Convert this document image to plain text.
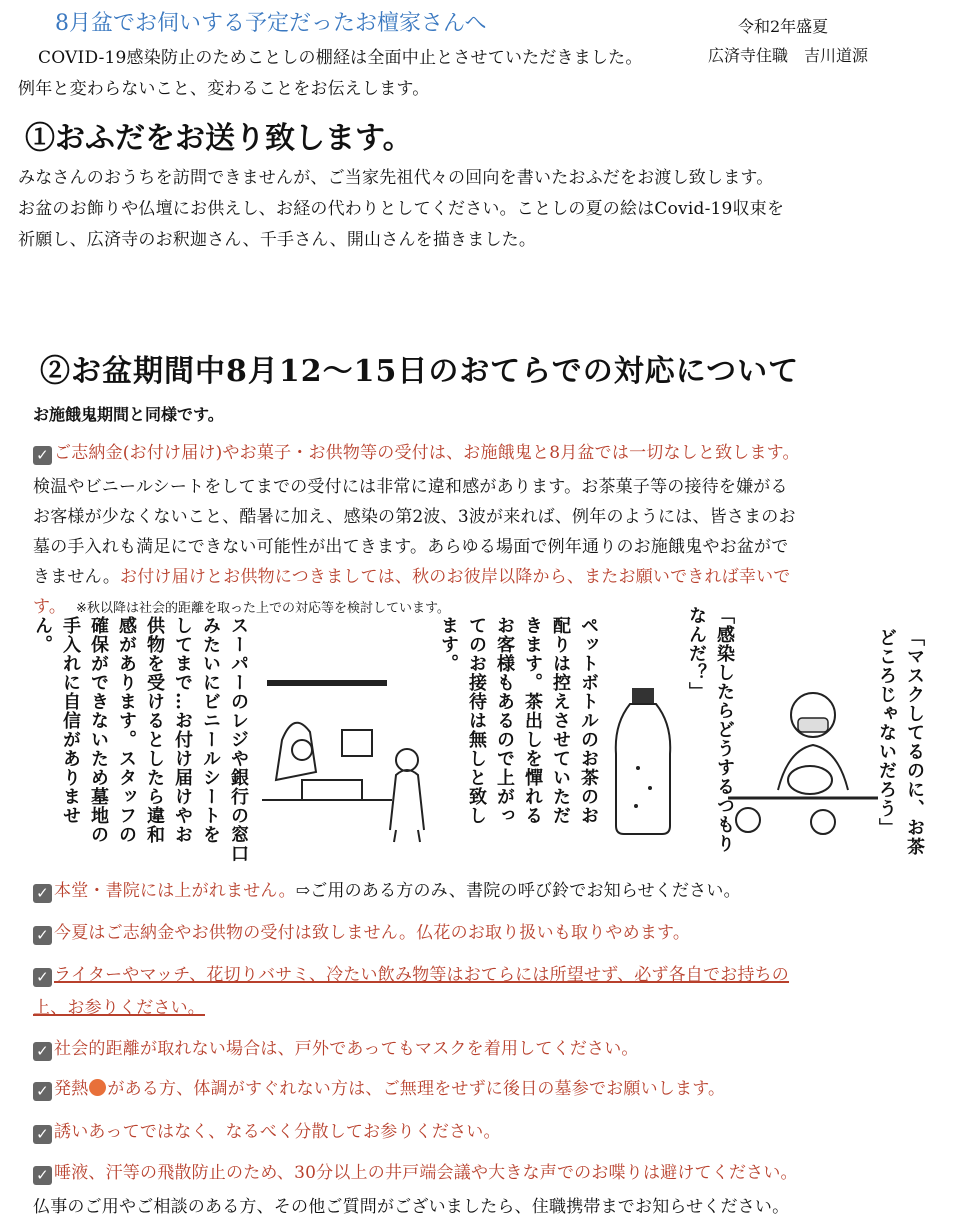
8月盆でお伺いする予定だったお檀家さんへ	令和2年盛夏
広済寺住職　吉川道源
COVID-19感染防止のためことしの棚経は全面中止とさせていただきました。
例年と変わらないこと、変わることをお伝えします。
①おふだをお送り致します。
みなさんのおうちを訪問できませんが、ご当家先祖代々の回向を書いたおふだをお渡し致します。
お盆のお飾りや仏壇にお供えし、お経の代わりとしてください。ことしの夏の絵はCovid-19収束を
祈願し、広済寺のお釈迦さん、千手さん、開山さんを描きました。
②お盆期間中8月12〜15日のおてらでの対応について
お施餓鬼期間と同様です。
✓ ご志納金(お付け届け)やお菓子・お供物等の受付は、お施餓鬼と8月盆では一切なしと致します。
検温やビニールシートをしてまでの受付には非常に違和感があります。お茶菓子等の接待を嫌がる
お客様が少なくないこと、酷暑に加え、感染の第2波、3波が来れば、例年のようには、皆さまのお
墓の手入れも満足にできない可能性が出てきます。あらゆる場面で例年通りのお施餓鬼やお盆がで
きません。お付け届けとお供物につきましては、秋のお彼岸以降から、またお願いできれば幸いで
す。 ※秋以降は社会的距離を取った上での対応等を検討しています。
ん。 手入れに自信がありませ 確保ができないため墓地の 感があります。スタッフの 供物を受けるとしたら違和 してまで…お付け届けやお みたいにビニールシートを スーパーのレジや銀行の窓口	ます。 てのお接待は無しと致し お客様もあるので上がっ きます。茶出しを憚れる 配りは控えさせていただ ペットボトルのお茶のお	なんだ？」 「感染したらどうするつもり	どころじゃないだろう」 「マスクしてるのに、お茶
✓ 本堂・書院には上がれません。⇨ご用のある方のみ、書院の呼び鈴でお知らせください。
✓ 今夏はご志納金やお供物の受付は致しません。仏花のお取り扱いも取りやめます。
✓ ライターやマッチ、花切りバサミ、冷たい飲み物等はおてらには所望せず、必ず各自でお持ちの
上、お参りください。
✓ 社会的距離が取れない場合は、戸外であってもマスクを着用してください。
✓ 発熱 がある方、体調がすぐれない方は、ご無理をせずに後日の墓参でお願いします。
✓ 誘いあってではなく、なるべく分散してお参りください。
✓ 唾液、汗等の飛散防止のため、30分以上の井戸端会議や大きな声でのお喋りは避けてください。
仏事のご用やご相談のある方、その他ご質問がございましたら、住職携帯までお知らせください。
